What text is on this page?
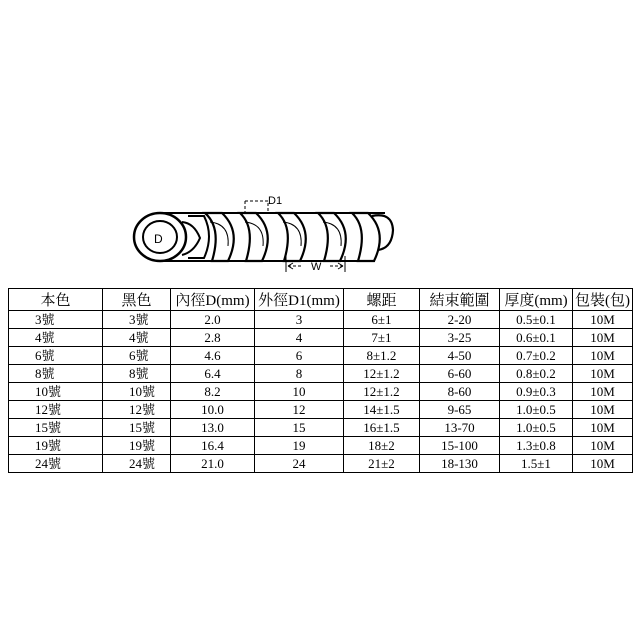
D
D1
W
本色	黑色	內徑D(mm)	外徑D1(mm)	螺距	結束範圍	厚度(mm)	包裝(包)
3號	3號	2.0	3	6±1	2-20	0.5±0.1	10M
4號	4號	2.8	4	7±1	3-25	0.6±0.1	10M
6號	6號	4.6	6	8±1.2	4-50	0.7±0.2	10M
8號	8號	6.4	8	12±1.2	6-60	0.8±0.2	10M
10號	10號	8.2	10	12±1.2	8-60	0.9±0.3	10M
12號	12號	10.0	12	14±1.5	9-65	1.0±0.5	10M
15號	15號	13.0	15	16±1.5	13-70	1.0±0.5	10M
19號	19號	16.4	19	18±2	15-100	1.3±0.8	10M
24號	24號	21.0	24	21±2	18-130	1.5±1	10M
